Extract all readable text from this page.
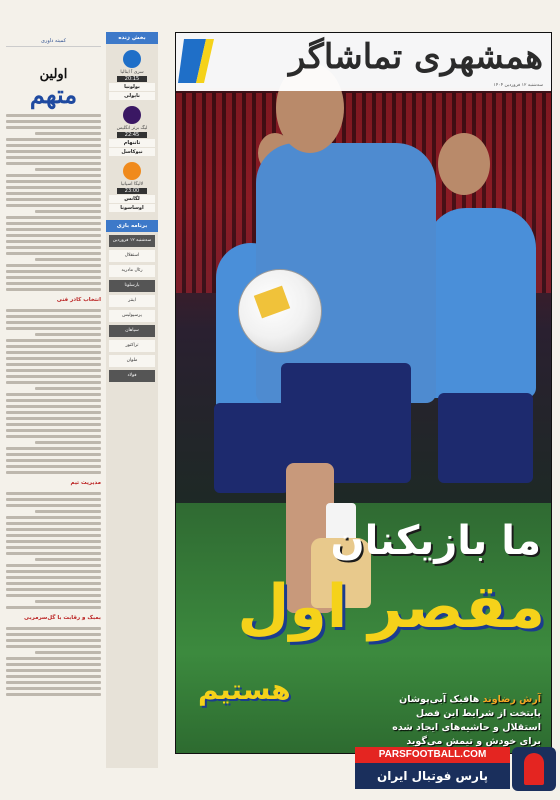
کمیته داوری
اولین
متهم
انتخاب کادر فنی
مدیریت تیم
بمبک و رقابت با گل‌سرمربی
بخش زنده
سری آ ایتالیا
20:15
بولونیا
ناپولی
لیگ برتر انگلیس
22:45
تاتنهام
نیوکاسل
لالیگا اسپانیا
23:00
لگانس
اوساسونا
برنامه بازی
سه‌شنبه ۱۲ فروردین
استقلال
رئال مادرید
بارسلونا
اینتر
پرسپولیس
سپاهان
تراکتور
ملوان
فولاد
همشهری تماشاگر
سه‌شنبه ۱۲ فروردین ۱۴۰۴
ما بازیکنان
مقصر اول
هستیم	آرش رضاوند هافبک آبی‌پوشان پایتخت از شرایط این فصل استقلال و حاشیه‌های ایجاد شده برای خودش و تیمش می‌گوید
PARSFOOTBALL.COM
پارس فوتبال ایران
